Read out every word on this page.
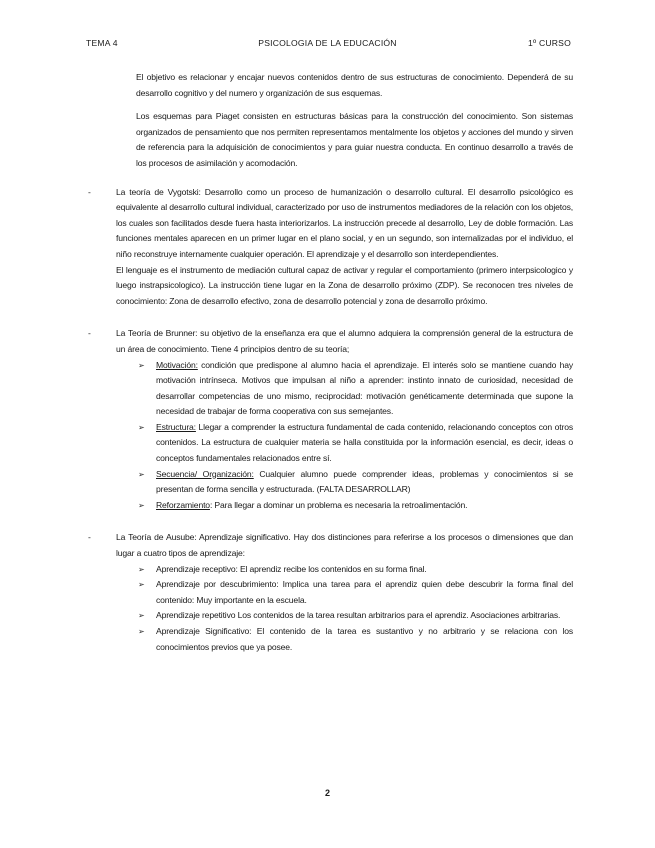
TEMA 4	PSICOLOGIA DE LA EDUCACIÓN	1º CURSO

El objetivo es relacionar y encajar nuevos contenidos dentro de sus estructuras de conocimiento. Dependerá de su desarrollo cognitivo y del numero y organización de sus esquemas.

Los esquemas para Piaget consisten en estructuras básicas para la construcción del conocimiento. Son sistemas organizados de pensamiento que nos permiten representamos mentalmente los objetos y acciones del mundo y sirven de referencia para la adquisición de conocimientos y para guiar nuestra conducta. En continuo desarrollo a través de los procesos de asimilación y acomodación.

-	La teoría de Vygotski: Desarrollo como un proceso de humanización o desarrollo cultural. El desarrollo psicológico es equivalente al desarrollo cultural individual, caracterizado por uso de instrumentos mediadores de la relación con los objetos, los cuales son facilitados desde fuera hasta interiorizarlos. La instrucción precede al desarrollo, Ley de doble formación. Las funciones mentales aparecen en un primer lugar en el plano social, y en un segundo, son internalizadas por el individuo, el niño reconstruye internamente cualquier operación. El aprendizaje y el desarrollo son interdependientes.

El lenguaje es el instrumento de mediación cultural capaz de activar y regular el comportamiento (primero interpsicologico y luego instrapsicologico). La instrucción tiene lugar en la Zona de desarrollo próximo (ZDP). Se reconocen tres niveles de conocimiento: Zona de desarrollo efectivo, zona de desarrollo potencial y zona de desarrollo próximo.

-	La Teoría de Brunner: su objetivo de la enseñanza era que el alumno adquiera la comprensión general de la estructura de un área de conocimiento. Tiene 4 principios dentro de su teoría;

➢ Motivación: condición que predispone al alumno hacia el aprendizaje. El interés solo se mantiene cuando hay motivación intrínseca. Motivos que impulsan al niño a aprender: instinto innato de curiosidad, necesidad de desarrollar competencias de uno mismo, reciprocidad: motivación genéticamente determinada que supone la necesidad de trabajar de forma cooperativa con sus semejantes.

➢ Estructura: Llegar a comprender la estructura fundamental de cada contenido, relacionando conceptos con otros contenidos. La estructura de cualquier materia se halla constituida por la información esencial, es decir, ideas o conceptos fundamentales relacionados entre sí.

➢ Secuencia/ Organización: Cualquier alumno puede comprender ideas, problemas y conocimientos si se presentan de forma sencilla y estructurada. (FALTA DESARROLLAR)

➢ Reforzamiento: Para llegar a dominar un problema es necesaria la retroalimentación.

-	La Teoría de Ausube: Aprendizaje significativo. Hay dos distinciones para referirse a los procesos o dimensiones que dan lugar a cuatro tipos de aprendizaje:

➢ Aprendizaje receptivo: El aprendiz recibe los contenidos en su forma final.

➢ Aprendizaje por descubrimiento: Implica una tarea para el aprendiz quien debe descubrir la forma final del contenido: Muy importante en la escuela.

➢ Aprendizaje repetitivo Los contenidos de la tarea resultan arbitrarios para el aprendiz. Asociaciones arbitrarias.

➢ Aprendizaje Significativo: El contenido de la tarea es sustantivo y no arbitrario y se relaciona con los conocimientos previos que ya posee.

2
